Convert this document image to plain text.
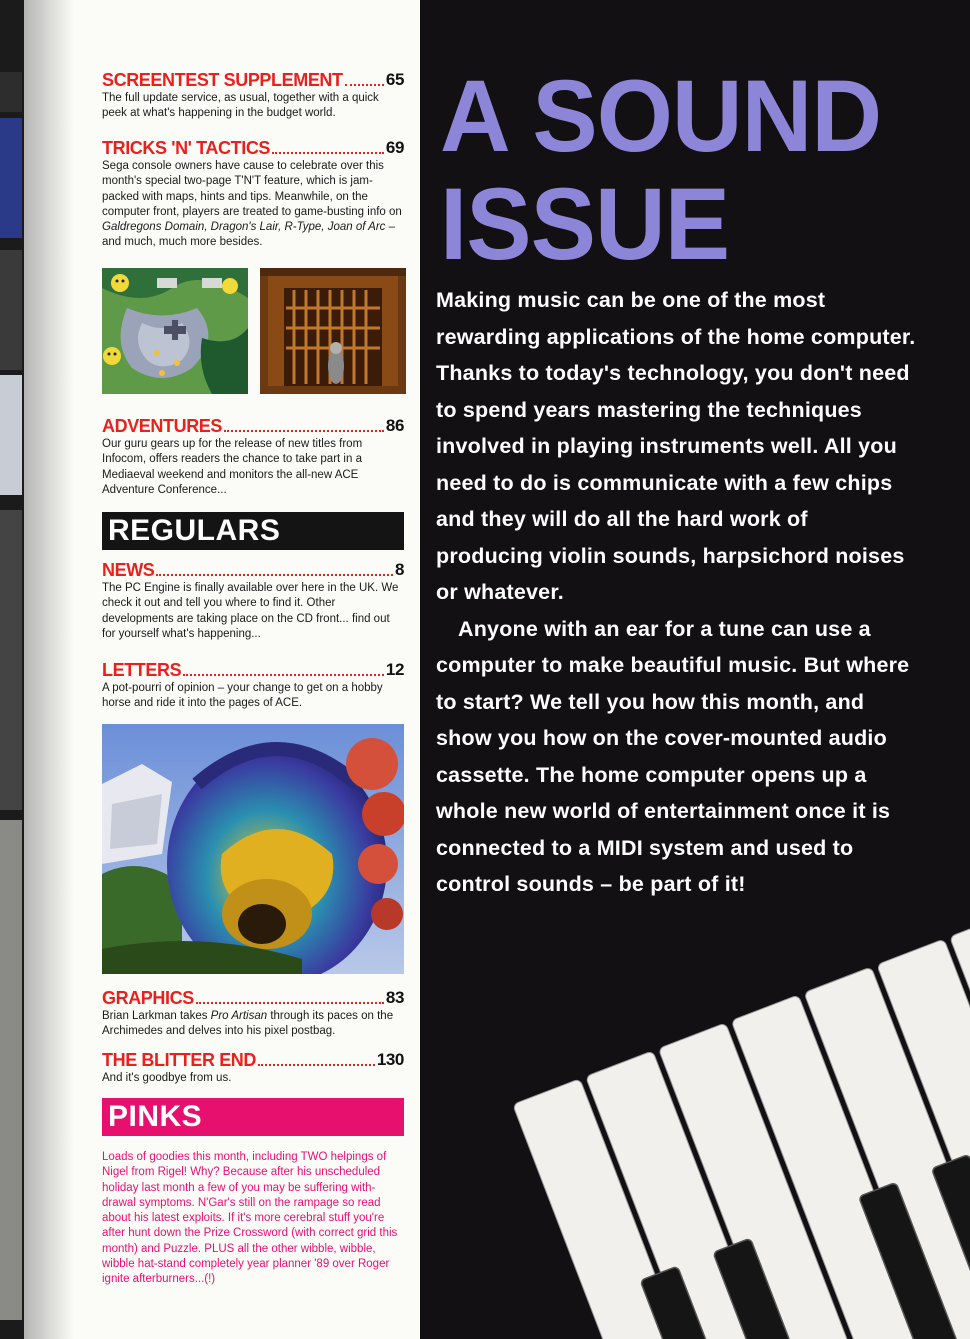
SCREENTEST SUPPLEMENT	65
The full update service, as usual, together with a quick peek at what's happening in the budget world.
TRICKS 'N' TACTICS	69
Sega console owners have cause to celebrate over this month's special two-page T'N'T feature, which is jam-packed with maps, hints and tips. Meanwhile, on the computer front, players are treated to game-busting info on Galdregons Domain, Dragon's Lair, R-Type, Joan of Arc – and much, much more besides.
ADVENTURES	86
Our guru gears up for the release of new titles from Infocom, offers readers the chance to take part in a Mediaeval weekend and monitors the all-new ACE Adventure Conference...
REGULARS
NEWS	8
The PC Engine is finally available over here in the UK. We check it out and tell you where to find it. Other developments are taking place on the CD front... find out for yourself what's happening...
LETTERS	12
A pot-pourri of opinion – your change to get on a hobby horse and ride it into the pages of ACE.
GRAPHICS	83
Brian Larkman takes Pro Artisan through its paces on the Archimedes and delves into his pixel postbag.
THE BLITTER END	130
And it's goodbye from us.
PINKS
Loads of goodies this month, including TWO helpings of Nigel from Rigel! Why? Because after his unscheduled holiday last month a few of you may be suffering with-drawal symptoms. N'Gar's still on the rampage so read about his latest exploits. If it's more cerebral stuff you're after hunt down the Prize Crossword (with correct grid this month) and Puzzle. PLUS all the other wibble, wibble, wibble hat-stand completely year planner '89 over Roger ignite afterburners...(!)
A SOUND
ISSUE

Making music can be one of the most rewarding applications of the home computer. Thanks to today's technology, you don't need to spend years mastering the techniques involved in playing instruments well. All you need to do is communicate with a few chips and they will do all the hard work of producing violin sounds, harpsichord noises or whatever.

Anyone with an ear for a tune can use a computer to make beautiful music. But where to start? We tell you how this month, and show you how on the cover-mounted audio cassette. The home computer opens up a whole new world of entertainment once it is connected to a MIDI system and used to control sounds – be part of it!
